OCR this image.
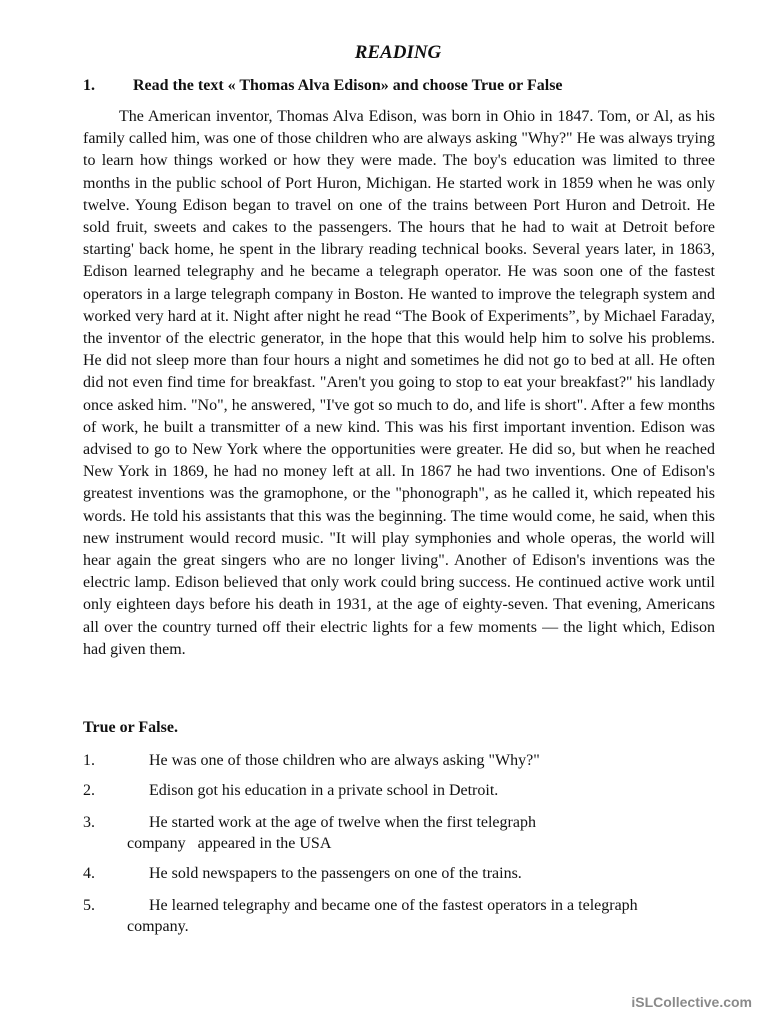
READING
1. Read the text « Thomas Alva Edison» and choose True or False

The American inventor, Thomas Alva Edison, was born in Ohio in 1847. Tom, or Al, as his family called him, was one of those children who are always asking "Why?" He was always trying to learn how things worked or how they were made. The boy's education was limited to three months in the public school of Port Huron, Michigan. He started work in 1859 when he was only twelve. Young Edison began to travel on one of the trains between Port Huron and Detroit. He sold fruit, sweets and cakes to the passengers. The hours that he had to wait at Detroit before starting' back home, he spent in the library reading technical books. Several years later, in 1863, Edison learned telegraphy and he became a telegraph operator. He was soon one of the fastest operators in a large telegraph company in Boston. He wanted to improve the telegraph system and worked very hard at it. Night after night he read “The Book of Experiments”, by Michael Faraday, the inventor of the electric generator, in the hope that this would help him to solve his problems. He did not sleep more than four hours a night and sometimes he did not go to bed at all. He often did not even find time for breakfast. "Aren't you going to stop to eat your breakfast?" his landlady once asked him. "No", he answered, "I've got so much to do, and life is short". After a few months of work, he built a transmitter of a new kind. This was his first important invention. Edison was advised to go to New York where the opportunities were greater. He did so, but when he reached New York in 1869, he had no money left at all. In 1867 he had two inventions. One of Edison's greatest inventions was the gramophone, or the "phonograph", as he called it, which repeated his words. He told his assistants that this was the beginning. The time would come, he said, when this new instrument would record music. "It will play symphonies and whole operas, the world will hear again the great singers who are no longer living". Another of Edison's inventions was the electric lamp. Edison believed that only work could bring success. He continued active work until only eighteen days before his death in 1931, at the age of eighty-seven. That evening, Americans all over the country turned off their electric lights for a few moments — the light which, Edison had given them.

True or False.
1.	He was one of those children who are always asking "Why?"
2.	Edison got his education in a private school in Detroit.
3.	He started work at the age of twelve when the first telegraph
company   appeared in the USA
4.	He sold newspapers to the passengers on one of the trains.
5.	He learned telegraphy and became one of the fastest operators in a telegraph
company.
iSLCollective.com
